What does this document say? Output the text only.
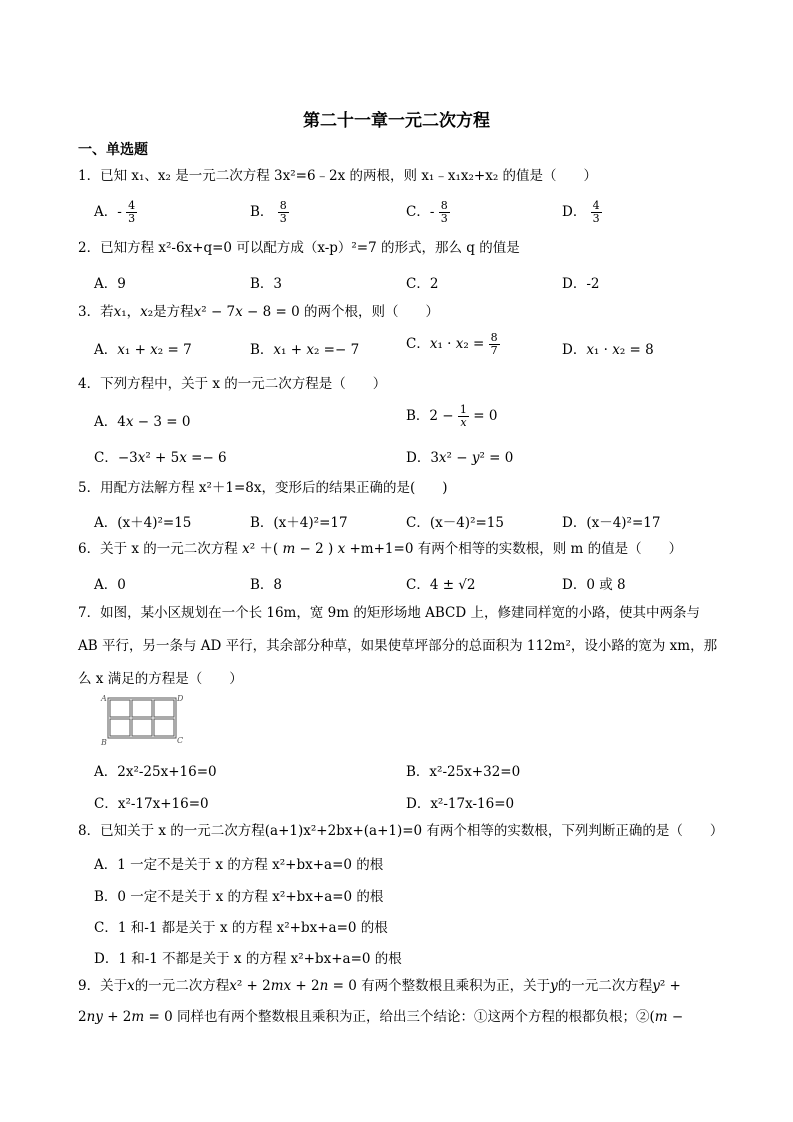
第二十一章一元二次方程
一、单选题
1．已知 x₁、x₂ 是一元二次方程 3x²=6﹣2x 的两根，则 x₁﹣x₁x₂+x₂ 的值是（　　）
A．- $\frac{4}{3}$	B． $\frac{8}{3}$	C．- $\frac{8}{3}$	D． $\frac{4}{3}$
2．已知方程 x²-6x+q=0 可以配方成（x-p）²=7 的形式，那么 q 的值是
A．9	B．3	C．2	D．-2
3．若𝑥₁，𝑥₂是方程𝑥² − 7𝑥 − 8 = 0 的两个根，则（　　）
A．𝑥₁ + 𝑥₂ = 7	B．𝑥₁ + 𝑥₂ =− 7	C．𝑥₁ · 𝑥₂ = $\frac{8}{7}$	D．𝑥₁ · 𝑥₂ = 8
4．下列方程中，关于 x 的一元二次方程是（　　）
A．4𝑥 − 3 = 0	B．$2 - \frac{1}{\text{𝑥}} = 0$
C．−3𝑥² + 5𝑥 =− 6	D．3𝑥² − 𝑦² = 0
5．用配方法解方程 x²＋1=8x，变形后的结果正确的是(　　)
A．(x＋4)²=15	B．(x＋4)²=17	C．(x－4)²=15	D．(x－4)²=17
6．关于 x 的一元二次方程 𝑥² ＋( 𝑚 − 2 ) 𝑥 +m+1=0 有两个相等的实数根，则 m 的值是（　　）
A．0	B．8	C．4 ± √2	D．0 或 8
7．如图，某小区规划在一个长 16m，宽 9m 的矩形场地 ABCD 上，修建同样宽的小路，使其中两条与 AB 平行，另一条与 AD 平行，其余部分种草，如果使草坪部分的总面积为 112m²，设小路的宽为 xm，那么 x 满足的方程是（　　）
A	D
B	C
A．2x²-25x+16=0	B．x²-25x+32=0
C．x²-17x+16=0	D．x²-17x-16=0
8．已知关于 x 的一元二次方程(a+1)x²+2bx+(a+1)=0 有两个相等的实数根，下列判断正确的是（　　）
A．1 一定不是关于 x 的方程 x²+bx+a=0 的根
B．0 一定不是关于 x 的方程 x²+bx+a=0 的根
C．1 和-1 都是关于 x 的方程 x²+bx+a=0 的根
D．1 和-1 不都是关于 x 的方程 x²+bx+a=0 的根
9．关于𝑥的一元二次方程𝑥² + 2𝑚𝑥 + 2𝑛 = 0 有两个整数根且乘积为正，关于𝑦的一元二次方程𝑦² +
2𝑛𝑦 + 2𝑚 = 0 同样也有两个整数根且乘积为正，给出三个结论：①这两个方程的根都负根；②(𝑚 −
